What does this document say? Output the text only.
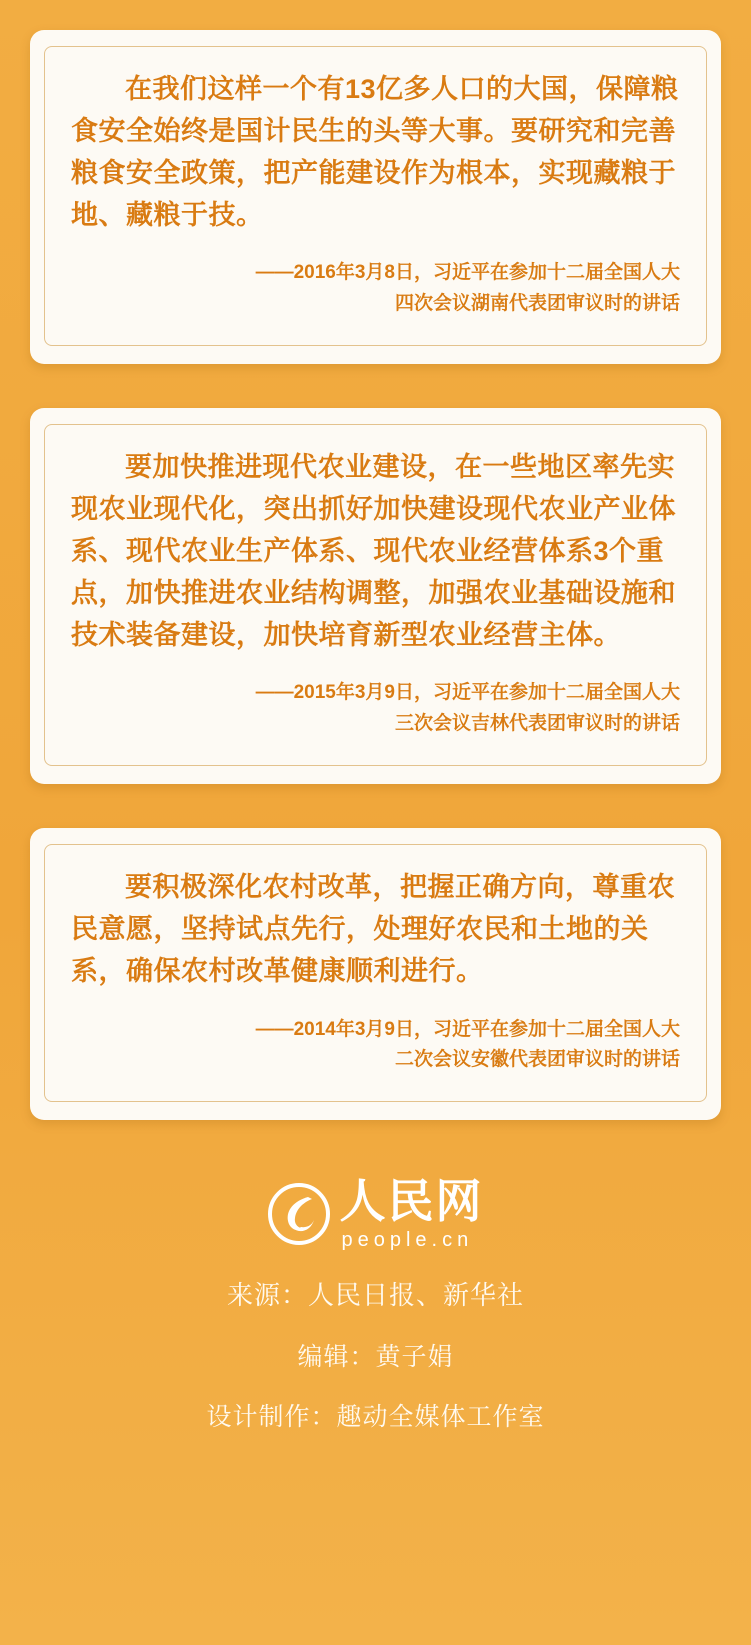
在我们这样一个有13亿多人口的大国，保障粮食安全始终是国计民生的头等大事。要研究和完善粮食安全政策，把产能建设作为根本，实现藏粮于地、藏粮于技。

——2016年3月8日，习近平在参加十二届全国人大
四次会议湖南代表团审议时的讲话

要加快推进现代农业建设，在一些地区率先实现农业现代化，突出抓好加快建设现代农业产业体系、现代农业生产体系、现代农业经营体系3个重点，加快推进农业结构调整，加强农业基础设施和技术装备建设，加快培育新型农业经营主体。

——2015年3月9日，习近平在参加十二届全国人大
三次会议吉林代表团审议时的讲话

要积极深化农村改革，把握正确方向，尊重农民意愿，坚持试点先行，处理好农民和土地的关系，确保农村改革健康顺利进行。

——2014年3月9日，习近平在参加十二届全国人大
二次会议安徽代表团审议时的讲话
人民网
people.cn
来源：人民日报、新华社
编辑：黄子娟
设计制作：趣动全媒体工作室
